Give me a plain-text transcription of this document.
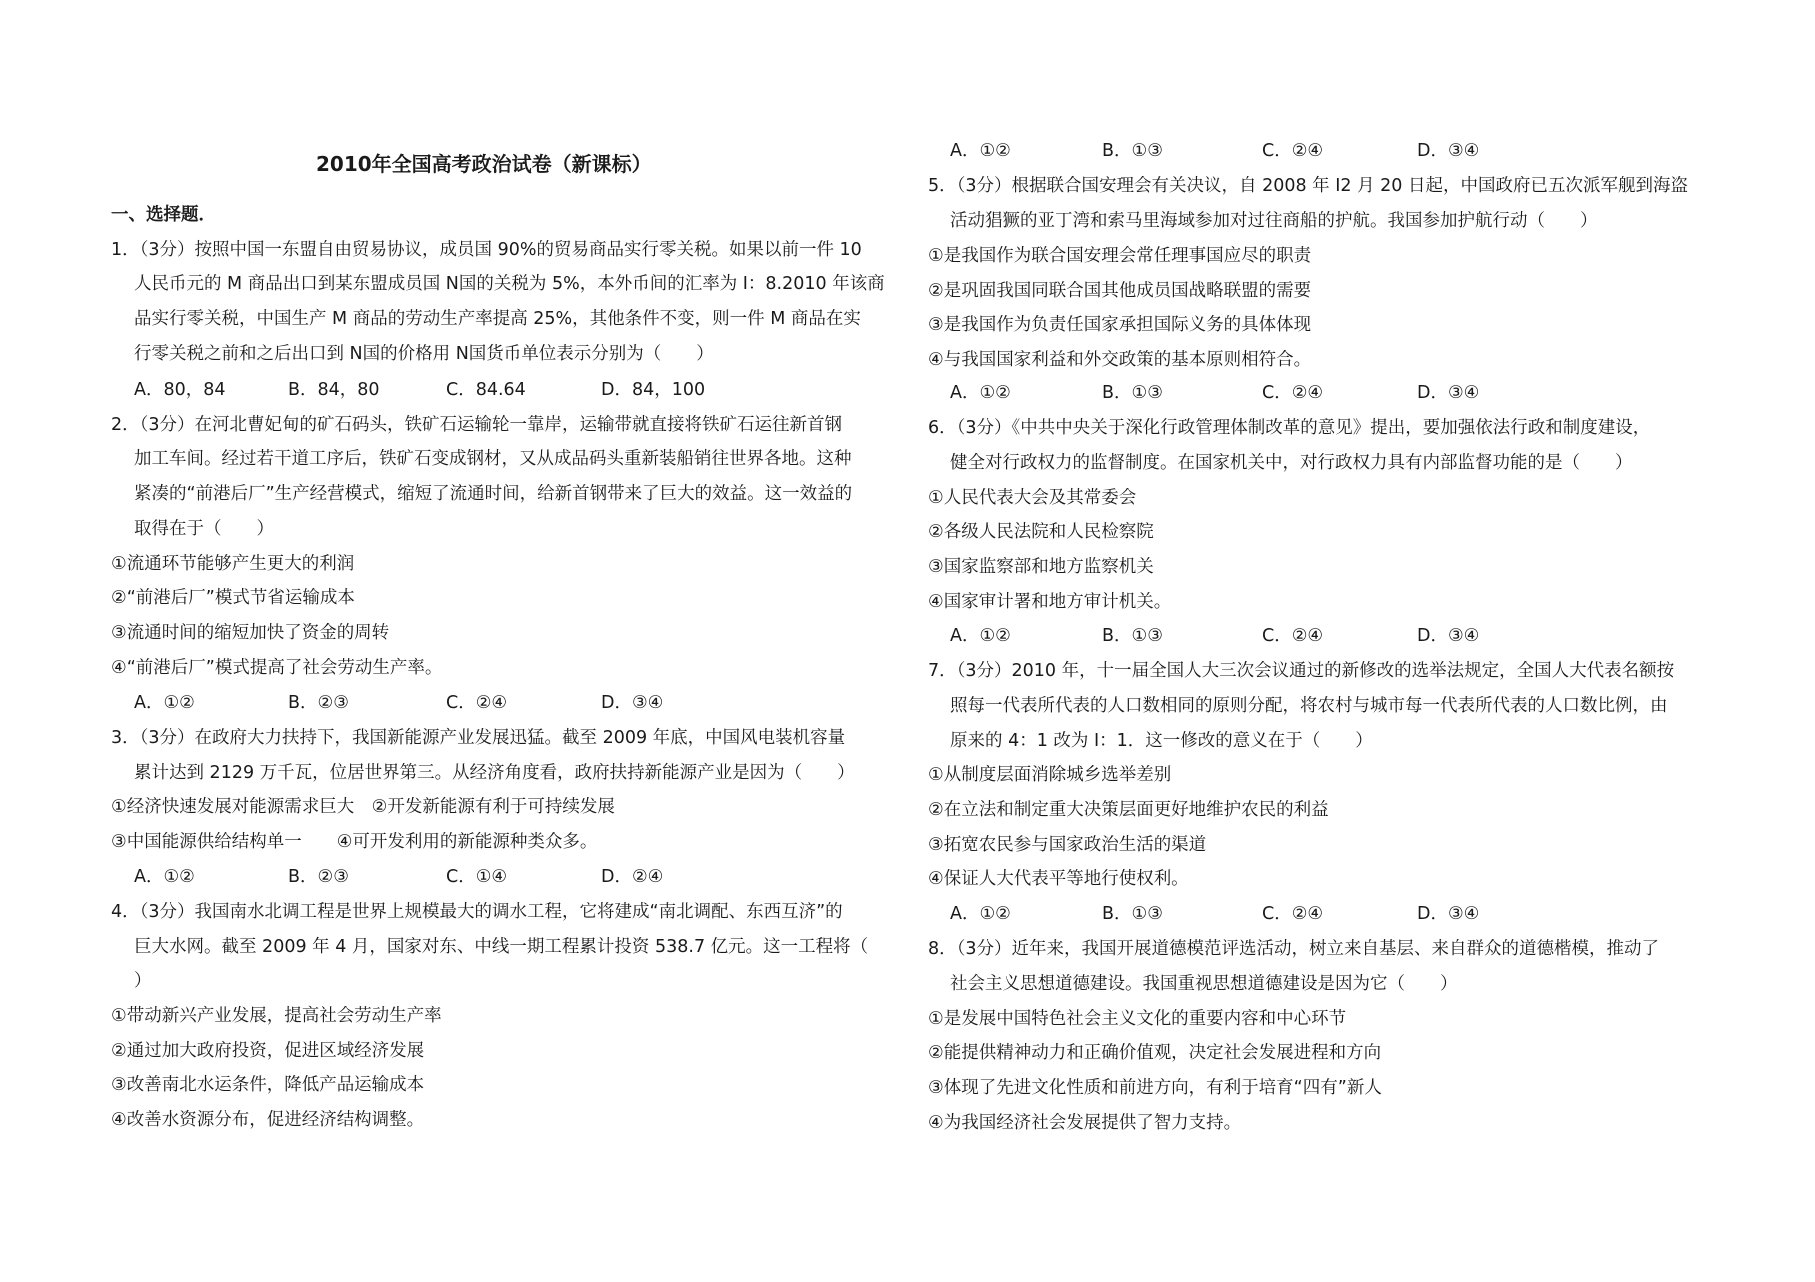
2010年全国高考政治试卷（新课标）
一、选择题．
1．（3分）按照中国一东盟自由贸易协议，成员国 90%的贸易商品实行零关税。如果以前一件 10
人民币元的 M 商品出口到某东盟成员国 N国的关税为 5%，本外币间的汇率为 I：8.2010 年该商
品实行零关税，中国生产 M 商品的劳动生产率提高 25%，其他条件不变，则一件 M 商品在实
行零关税之前和之后出口到 N国的价格用 N国货币单位表示分别为（　　）
A．80，84	B．84，80	C．84.64	D．84，100
2．（3分）在河北曹妃甸的矿石码头，铁矿石运输轮一靠岸，运输带就直接将铁矿石运往新首钢
加工车间。经过若干道工序后，铁矿石变成钢材，又从成品码头重新装船销往世界各地。这种
紧凑的“前港后厂”生产经营模式，缩短了流通时间，给新首钢带来了巨大的效益。这一效益的
取得在于（　　）
①流通环节能够产生更大的利润
②“前港后厂”模式节省运输成本
③流通时间的缩短加快了资金的周转
④“前港后厂”模式提高了社会劳动生产率。
A．①②	B．②③	C．②④	D．③④
3．（3分）在政府大力扶持下，我国新能源产业发展迅猛。截至 2009 年底，中国风电装机容量
累计达到 2129 万千瓦，位居世界第三。从经济角度看，政府扶持新能源产业是因为（　　）
①经济快速发展对能源需求巨大　②开发新能源有利于可持续发展
③中国能源供给结构单一　　④可开发利用的新能源种类众多。
A．①②	B．②③	C．①④	D．②④
4．（3分）我国南水北调工程是世界上规模最大的调水工程，它将建成“南北调配、东西互济”的
巨大水网。截至 2009 年 4 月，国家对东、中线一期工程累计投资 538.7 亿元。这一工程将（
）
①带动新兴产业发展，提高社会劳动生产率
②通过加大政府投资，促进区域经济发展
③改善南北水运条件，降低产品运输成本
④改善水资源分布，促进经济结构调整。
A．①②	B．①③	C．②④	D．③④
5．（3分）根据联合国安理会有关决议，自 2008 年 I2 月 20 日起，中国政府已五次派军舰到海盗
活动猖獗的亚丁湾和索马里海域参加对过往商船的护航。我国参加护航行动（　　）
①是我国作为联合国安理会常任理事国应尽的职责
②是巩固我国同联合国其他成员国战略联盟的需要
③是我国作为负责任国家承担国际义务的具体体现
④与我国国家利益和外交政策的基本原则相符合。
A．①②	B．①③	C．②④	D．③④
6．（3分）《中共中央关于深化行政管理体制改革的意见》提出，要加强依法行政和制度建设，
健全对行政权力的监督制度。在国家机关中，对行政权力具有内部监督功能的是（　　）
①人民代表大会及其常委会
②各级人民法院和人民检察院
③国家监察部和地方监察机关
④国家审计署和地方审计机关。
A．①②	B．①③	C．②④	D．③④
7．（3分）2010 年，十一届全国人大三次会议通过的新修改的选举法规定，全国人大代表名额按
照每一代表所代表的人口数相同的原则分配，将农村与城市每一代表所代表的人口数比例，由
原来的 4：1 改为 I：1．这一修改的意义在于（　　）
①从制度层面消除城乡选举差别
②在立法和制定重大决策层面更好地维护农民的利益
③拓宽农民参与国家政治生活的渠道
④保证人大代表平等地行使权利。
A．①②	B．①③	C．②④	D．③④
8．（3分）近年来，我国开展道德模范评选活动，树立来自基层、来自群众的道德楷模，推动了
社会主义思想道德建设。我国重视思想道德建设是因为它（　　）
①是发展中国特色社会主义文化的重要内容和中心环节
②能提供精神动力和正确价值观，决定社会发展进程和方向
③体现了先进文化性质和前进方向，有利于培育“四有”新人
④为我国经济社会发展提供了智力支持。
